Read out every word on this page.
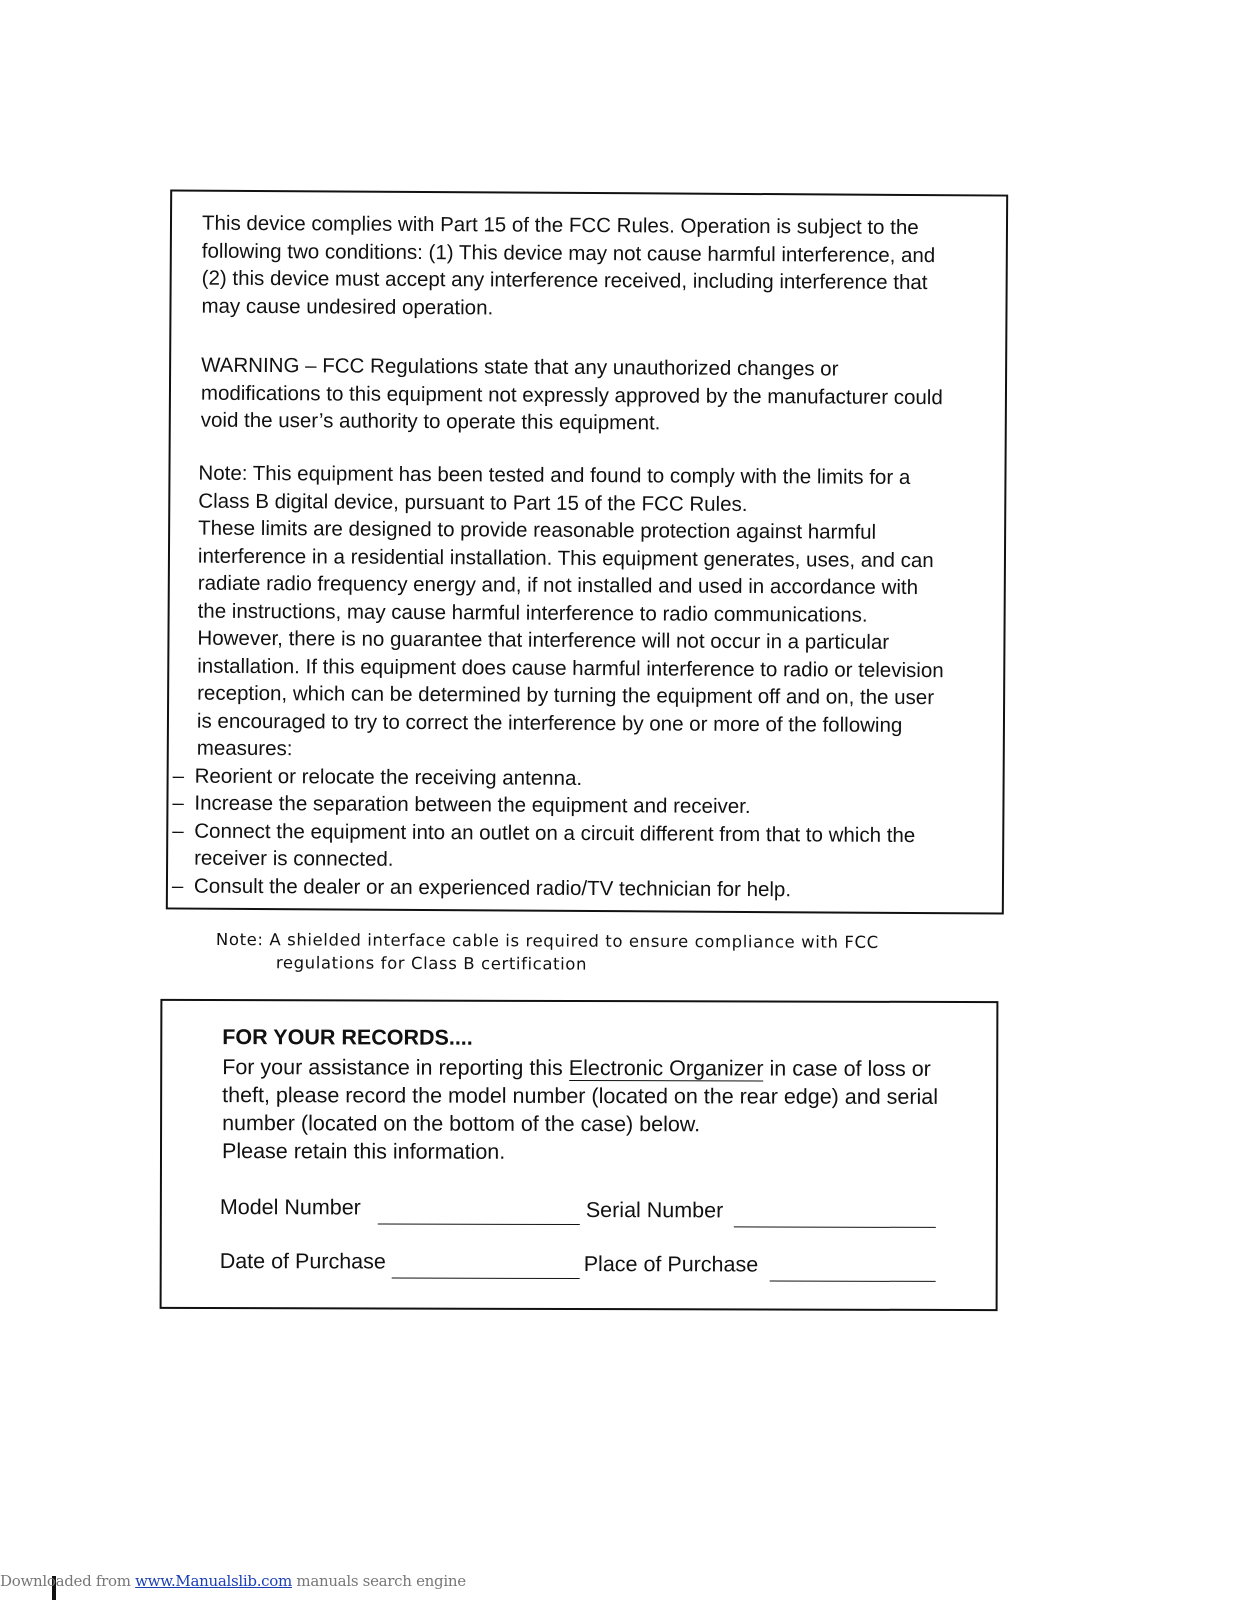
This device complies with Part 15 of the FCC Rules. Operation is subject to the
following two conditions: (1) This device may not cause harmful interference, and
(2) this device must accept any interference received, including interference that
may cause undesired operation.
WARNING – FCC Regulations state that any unauthorized changes or
modifications to this equipment not expressly approved by the manufacturer could
void the user’s authority to operate this equipment.
Note: This equipment has been tested and found to comply with the limits for a
Class B digital device, pursuant to Part 15 of the FCC Rules.
These limits are designed to provide reasonable protection against harmful
interference in a residential installation. This equipment generates, uses, and can
radiate radio frequency energy and, if not installed and used in accordance with
the instructions, may cause harmful interference to radio communications.
However, there is no guarantee that interference will not occur in a particular
installation. If this equipment does cause harmful interference to radio or television
reception, which can be determined by turning the equipment off and on, the user
is encouraged to try to correct the interference by one or more of the following
measures:
– Reorient or relocate the receiving antenna.
– Increase the separation between the equipment and receiver.
– Connect the equipment into an outlet on a circuit different from that to which the
receiver is connected.
– Consult the dealer or an experienced radio/TV technician for help.
Note: A shielded interface cable is required to ensure compliance with FCC
regulations for Class B certification
FOR YOUR RECORDS....
For your assistance in reporting this Electronic Organizer in case of loss or
theft, please record the model number (located on the rear edge) and serial
number (located on the bottom of the case) below.
Please retain this information.
Model Number	Serial Number
Date of Purchase	Place of Purchase
Downloaded from www.Manualslib.com manuals search engine
